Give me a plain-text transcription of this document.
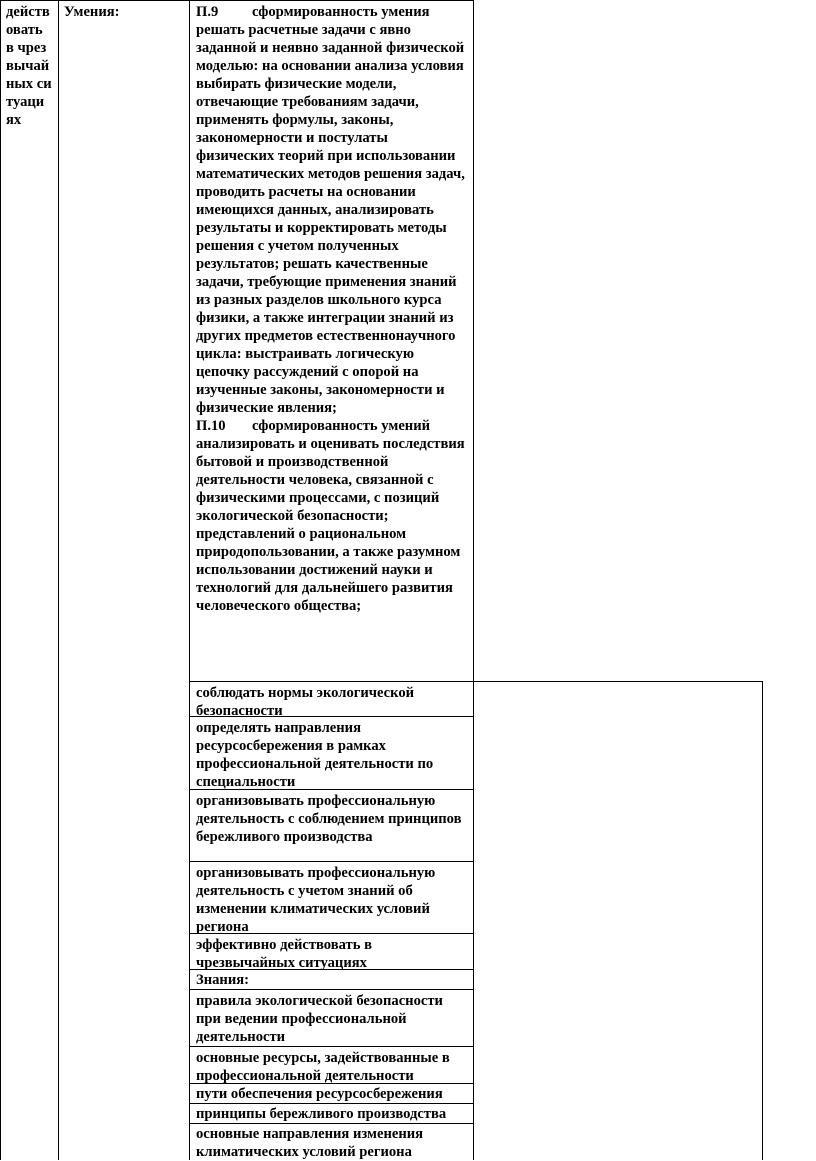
действовать в чрезвычайных ситуациях
Умения:	П.9 сформированность умения решать расчетные задачи с явно заданной и неявно заданной физической моделью: на основании анализа условия выбирать физические модели, отвечающие требованиям задачи, применять формулы, законы, закономерности и постулаты физических теорий при использовании математических методов решения задач, проводить расчеты на основании имеющихся данных, анализировать результаты и корректировать методы решения с учетом полученных результатов; решать качественные задачи, требующие применения знаний из разных разделов школьного курса физики, а также интеграции знаний из других предметов естественнонаучного цикла: выстраивать логическую цепочку рассуждений с опорой на изученные законы, закономерности и физические явления;

П.10 сформированность умений анализировать и оценивать последствия бытовой и производственной деятельности человека, связанной с физическими процессами, с позиций экологической безопасности; представлений о рациональном природопользовании, а также разумном использовании достижений науки и технологий для дальнейшего развития человеческого общества;

соблюдать нормы экологической безопасности
определять направления ресурсосбережения в рамках профессиональной деятельности по специальности
организовывать профессиональную деятельность с соблюдением принципов бережливого производства
организовывать профессиональную деятельность с учетом знаний об изменении климатических условий региона
эффективно действовать в чрезвычайных ситуациях
Знания:
правила экологической безопасности при ведении профессиональной деятельности
основные ресурсы, задействованные в профессиональной деятельности
пути обеспечения ресурсосбережения
принципы бережливого производства
основные направления изменения климатических условий региона
